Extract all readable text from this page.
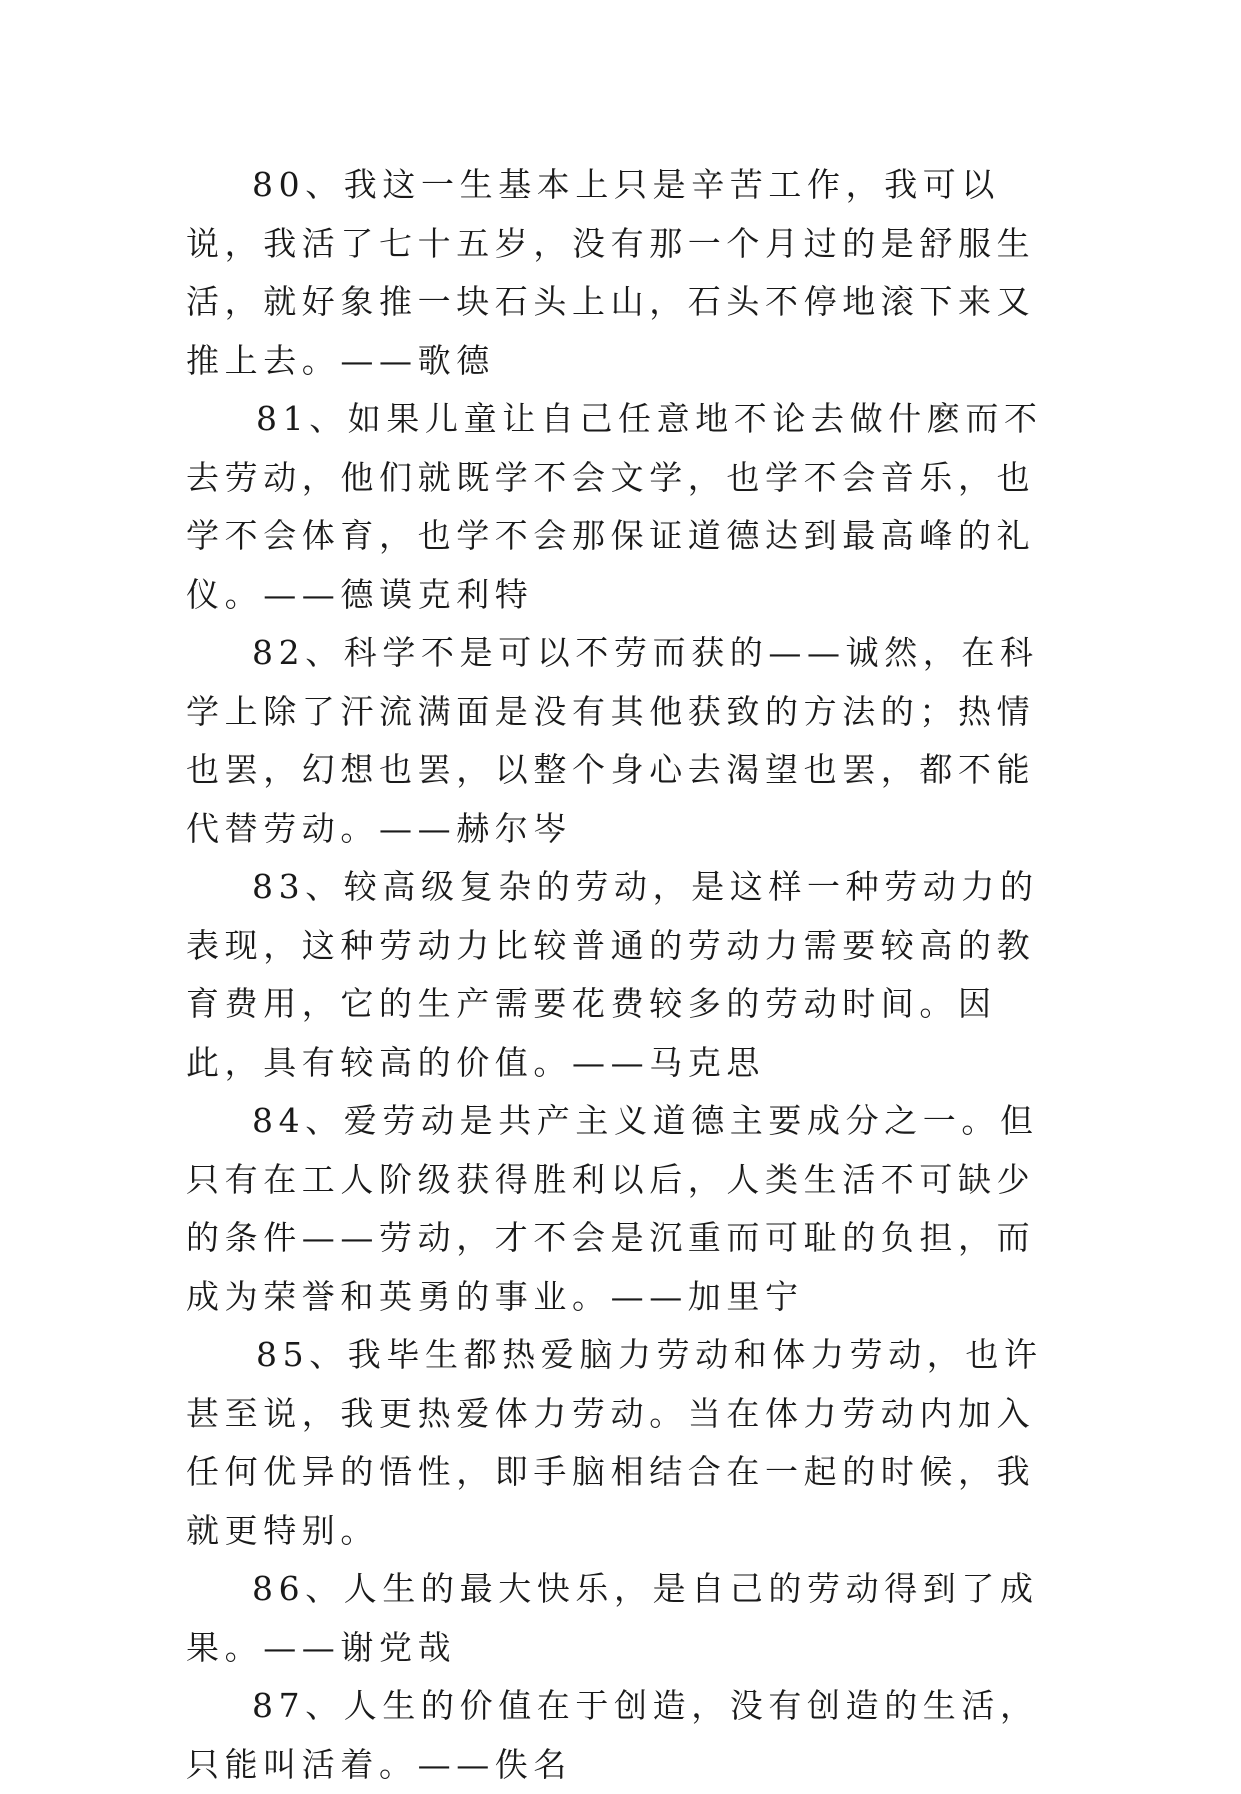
80、我这一生基本上只是辛苦工作，我可以说，我活了七十五岁，没有那一个月过的是舒服生活，就好象推一块石头上山，石头不停地滚下来又推上去。——歌德

81、如果儿童让自己任意地不论去做什麽而不去劳动，他们就既学不会文学，也学不会音乐，也学不会体育，也学不会那保证道德达到最高峰的礼仪。——德谟克利特

82、科学不是可以不劳而获的——诚然，在科学上除了汗流满面是没有其他获致的方法的；热情也罢，幻想也罢，以整个身心去渴望也罢，都不能代替劳动。——赫尔岑

83、较高级复杂的劳动，是这样一种劳动力的表现，这种劳动力比较普通的劳动力需要较高的教育费用，它的生产需要花费较多的劳动时间。因此，具有较高的价值。——马克思

84、爱劳动是共产主义道德主要成分之一。但只有在工人阶级获得胜利以后，人类生活不可缺少的条件——劳动，才不会是沉重而可耻的负担，而成为荣誉和英勇的事业。——加里宁

85、我毕生都热爱脑力劳动和体力劳动，也许甚至说，我更热爱体力劳动。当在体力劳动内加入任何优异的悟性，即手脑相结合在一起的时候，我就更特别。

86、人生的最大快乐，是自己的劳动得到了成果。——谢党哉

87、人生的价值在于创造，没有创造的生活，只能叫活着。——佚名
